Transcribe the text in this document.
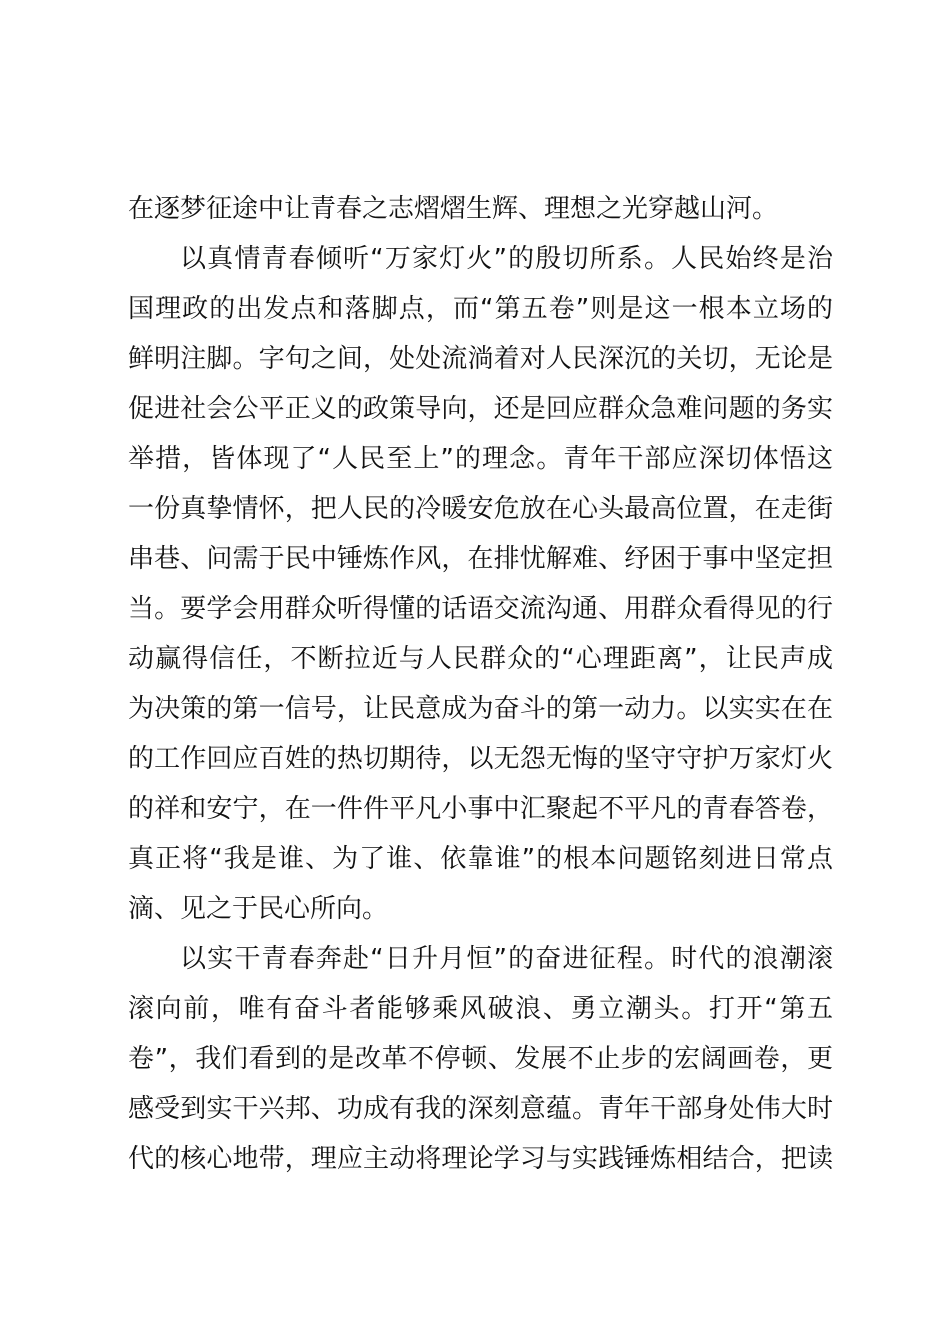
在逐梦征途中让青春之志熠熠生辉、理想之光穿越山河。
以真情青春倾听“万家灯火”的殷切所系。人民始终是治
国理政的出发点和落脚点，而“第五卷”则是这一根本立场的
鲜明注脚。字句之间，处处流淌着对人民深沉的关切，无论是
促进社会公平正义的政策导向，还是回应群众急难问题的务实
举措，皆体现了“人民至上”的理念。青年干部应深切体悟这
一份真挚情怀，把人民的冷暖安危放在心头最高位置，在走街
串巷、问需于民中锤炼作风，在排忧解难、纾困于事中坚定担
当。要学会用群众听得懂的话语交流沟通、用群众看得见的行
动赢得信任，不断拉近与人民群众的“心理距离”，让民声成
为决策的第一信号，让民意成为奋斗的第一动力。以实实在在
的工作回应百姓的热切期待，以无怨无悔的坚守守护万家灯火
的祥和安宁，在一件件平凡小事中汇聚起不平凡的青春答卷，
真正将“我是谁、为了谁、依靠谁”的根本问题铭刻进日常点
滴、见之于民心所向。
以实干青春奔赴“日升月恒”的奋进征程。时代的浪潮滚
滚向前，唯有奋斗者能够乘风破浪、勇立潮头。打开“第五
卷”，我们看到的是改革不停顿、发展不止步的宏阔画卷，更
感受到实干兴邦、功成有我的深刻意蕴。青年干部身处伟大时
代的核心地带，理应主动将理论学习与实践锤炼相结合，把读
